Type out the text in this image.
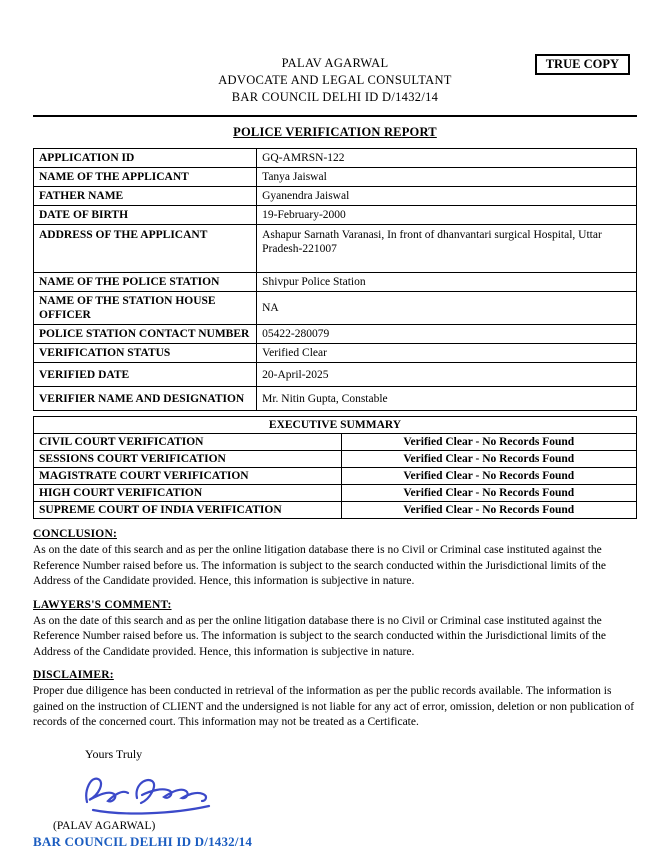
TRUE COPY
PALAV AGARWAL
ADVOCATE AND LEGAL CONSULTANT
BAR COUNCIL DELHI ID D/1432/14
POLICE VERIFICATION REPORT
APPLICATION ID	GQ-AMRSN-122
NAME OF THE APPLICANT	Tanya Jaiswal
FATHER NAME	Gyanendra Jaiswal
DATE OF BIRTH	19-February-2000
ADDRESS OF THE APPLICANT	Ashapur Sarnath Varanasi, In front of dhanvantari surgical Hospital, Uttar Pradesh-221007
NAME OF THE POLICE STATION	Shivpur Police Station
NAME OF THE STATION HOUSE OFFICER	NA
POLICE STATION CONTACT NUMBER	05422-280079
VERIFICATION STATUS	Verified Clear
VERIFIED DATE	20-April-2025
VERIFIER NAME AND DESIGNATION	Mr. Nitin Gupta, Constable
EXECUTIVE SUMMARY	
CIVIL COURT VERIFICATION	Verified Clear - No Records Found
SESSIONS COURT VERIFICATION	Verified Clear - No Records Found
MAGISTRATE COURT VERIFICATION	Verified Clear - No Records Found
HIGH COURT VERIFICATION	Verified Clear - No Records Found
SUPREME COURT OF INDIA VERIFICATION	Verified Clear - No Records Found
CONCLUSION:

As on the date of this search and as per the online litigation database there is no Civil or Criminal case instituted against the Reference Number raised before us. The information is subject to the search conducted within the Jurisdictional limits of the Address of the Candidate provided. Hence, this information is subjective in nature.

LAWYERS'S COMMENT:

As on the date of this search and as per the online litigation database there is no Civil or Criminal case instituted against the Reference Number raised before us. The information is subject to the search conducted within the Jurisdictional limits of the Address of the Candidate provided. Hence, this information is subjective in nature.

DISCLAIMER:

Proper due diligence has been conducted in retrieval of the information as per the public records available. The information is gained on the instruction of CLIENT and the undersigned is not liable for any act of error, omission, deletion or non publication of records of the concerned court. This information may not be treated as a Certificate.

Yours Truly
(PALAV AGARWAL)
BAR COUNCIL DELHI ID D/1432/14
